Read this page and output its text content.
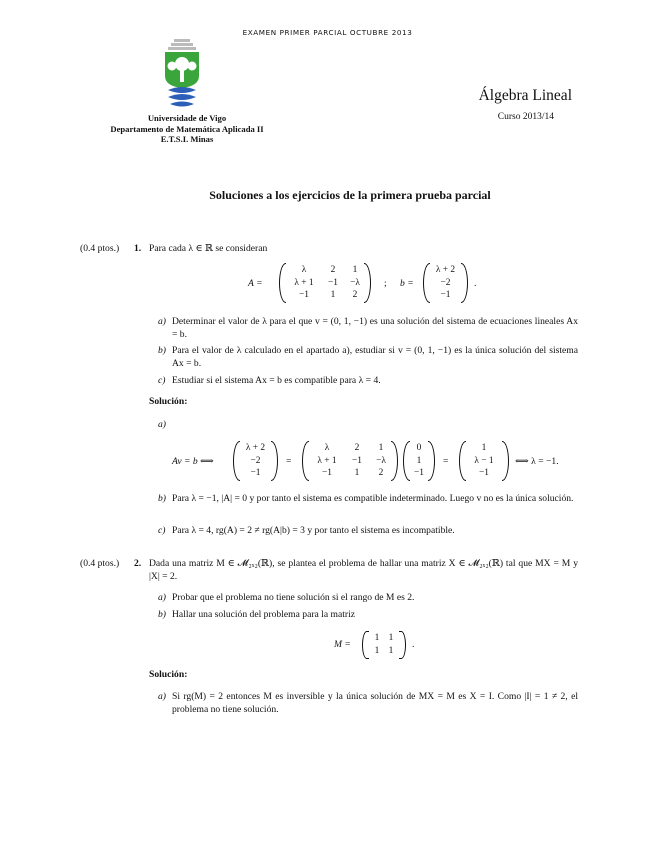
EXAMEN PRIMER PARCIAL OCTUBRE 2013
Universidade de Vigo
Departamento de Matemática Aplicada II
E.T.S.I. Minas
Álgebra Lineal
Curso 2013/14
Soluciones a los ejercicios de la primera prueba parcial
(0.4 ptos.) 1. Para cada λ ∈ ℝ se consideran
A =
λ	2 1
λ + 1 −1 −λ
−1 1 2
; b =
λ + 2
−2
−1
.
a) Determinar el valor de λ para el que v = (0, 1, −1) es una solución del sistema de ecuaciones lineales Ax = b.
b) Para el valor de λ calculado en el apartado a), estudiar si v = (0, 1, −1) es la única solución del sistema Ax = b.
c) Estudiar si el sistema Ax = b es compatible para λ = 4.
Solución:
a)
Av = b ⟺
λ + 2
−2
−1
=
λ	2 1
λ + 1 −1 −λ
−1 1 2
0
1
−1
=
1
λ − 1
−1
⟺ λ = −1.
b) Para λ = −1, |A| = 0 y por tanto el sistema es compatible indeterminado. Luego v no es la única solución.
c) Para λ = 4, rg(A) = 2 ≠ rg(A|b) = 3 y por tanto el sistema es incompatible.
(0.4 ptos.) 2. Dada una matriz M ∈ 𝓜₂ₓ₂(ℝ), se plantea el problema de hallar una matriz X ∈ 𝓜₂ₓ₂(ℝ) tal que MX = M y |X| = 2.
a) Probar que el problema no tiene solución si el rango de M es 2.
b) Hallar una solución del problema para la matriz
M =
1 1
1 1
.
Solución:
a) Si rg(M) = 2 entonces M es inversible y la única solución de MX = M es X = I. Como |I| = 1 ≠ 2, el problema no tiene solución.
